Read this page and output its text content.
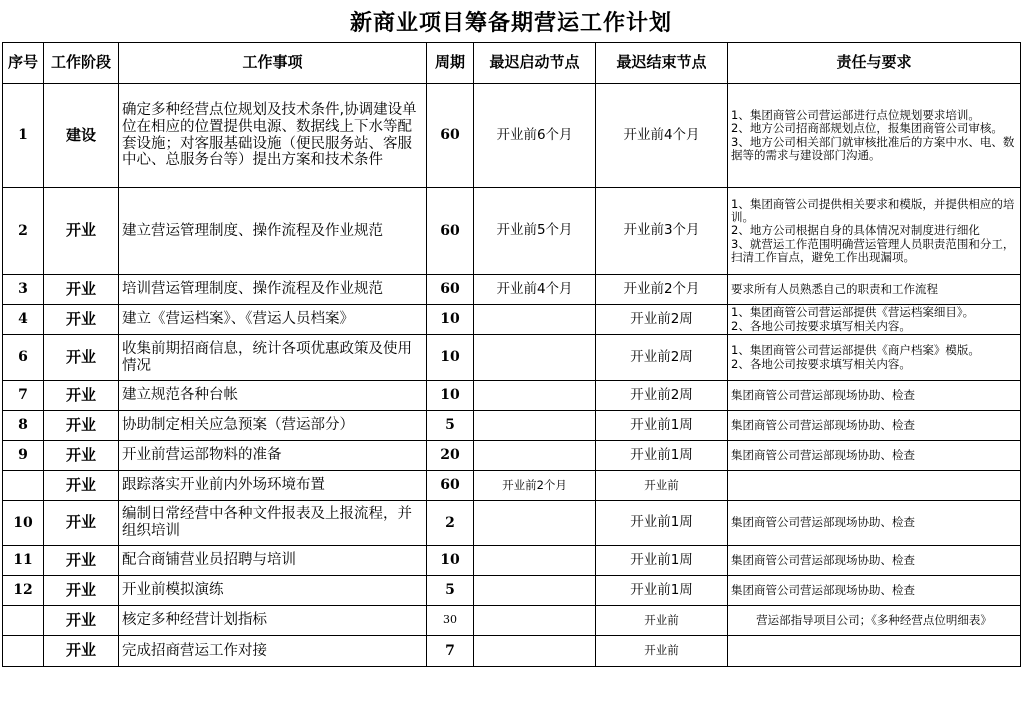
新商业项目筹备期营运工作计划
序号	工作阶段	工作事项	周期	最迟启动节点	最迟结束节点	责任与要求
1	建设	确定多种经营点位规划及技术条件,协调建设单位在相应的位置提供电源、数据线上下水等配套设施；对客服基础设施（便民服务站、客服中心、总服务台等）提出方案和技术条件	60	开业前6个月	开业前4个月	1、集团商管公司营运部进行点位规划要求培训。
2、地方公司招商部规划点位，报集团商管公司审核。
3、地方公司相关部门就审核批准后的方案中水、电、数据等的需求与建设部门沟通。

2	开业	建立营运管理制度、操作流程及作业规范	60	开业前5个月	开业前3个月	1、集团商管公司提供相关要求和模版，并提供相应的培训。
2、地方公司根据自身的具体情况对制度进行细化
3、就营运工作范围明确营运管理人员职责范围和分工，扫清工作盲点，避免工作出现漏项。

3	开业	培训营运管理制度、操作流程及作业规范	60	开业前4个月	开业前2个月	要求所有人员熟悉自己的职责和工作流程

4	开业	建立《营运档案》、《营运人员档案》	10		开业前2周	1、集团商管公司营运部提供《营运档案细目》。
2、各地公司按要求填写相关内容。

6	开业	收集前期招商信息，统计各项优惠政策及使用情况	10		开业前2周	1、集团商管公司营运部提供《商户档案》模版。
2、各地公司按要求填写相关内容。

7	开业	建立规范各种台帐	10		开业前2周	集团商管公司营运部现场协助、检查

8	开业	协助制定相关应急预案（营运部分）	5		开业前1周	集团商管公司营运部现场协助、检查

9	开业	开业前营运部物料的准备	20		开业前1周	集团商管公司营运部现场协助、检查

	开业	跟踪落实开业前内外场环境布置	60	开业前2个月	开业前	
10	开业	编制日常经营中各种文件报表及上报流程，并组织培训	2		开业前1周	集团商管公司营运部现场协助、检查

11	开业	配合商铺营业员招聘与培训	10		开业前1周	集团商管公司营运部现场协助、检查

12	开业	开业前模拟演练	5		开业前1周	集团商管公司营运部现场协助、检查

	开业	核定多种经营计划指标	30		开业前	营运部指导项目公司；《多种经营点位明细表》

	开业	完成招商营运工作对接	7		开业前	
